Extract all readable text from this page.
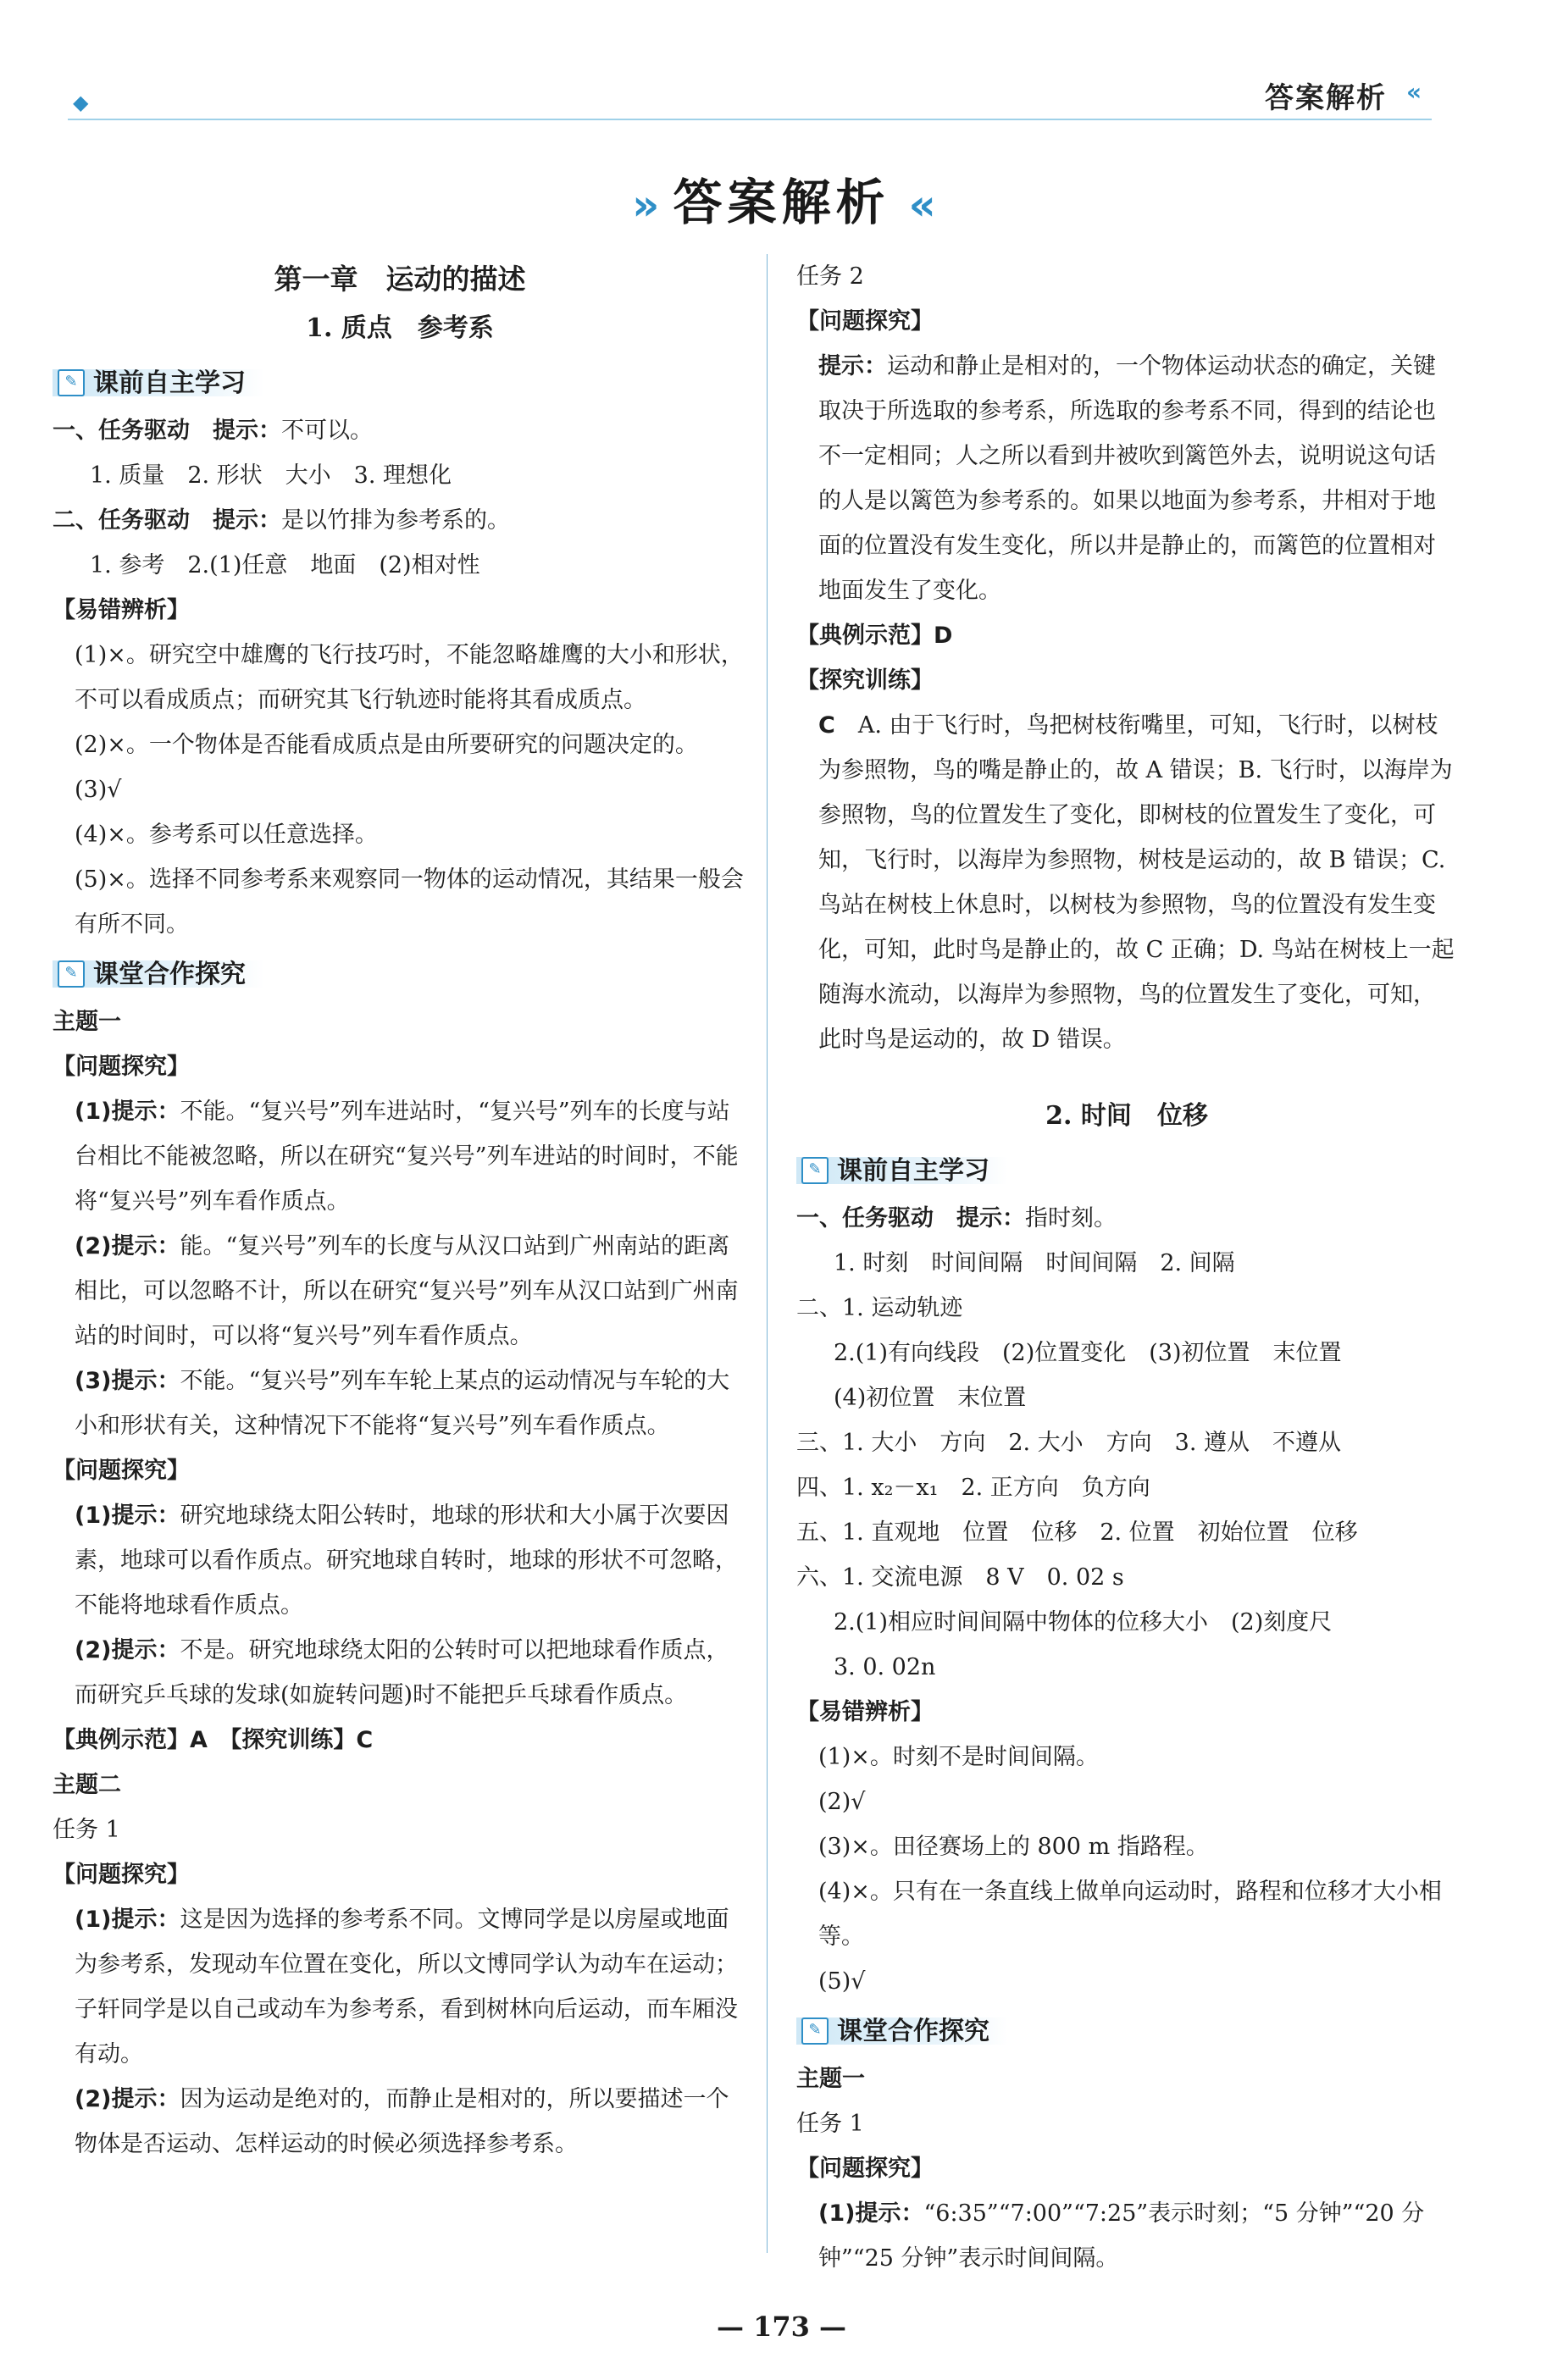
◆	答案解析 «
» 答案解析 «
第一章　运动的描述
1. 质点　参考系
✎ 课前自主学习

一、任务驱动　提示：不可以。

1. 质量　2. 形状　大小　3. 理想化

二、任务驱动　提示：是以竹排为参考系的。

1. 参考　2.(1)任意　地面　(2)相对性

【易错辨析】

(1)×。研究空中雄鹰的飞行技巧时，不能忽略雄鹰的大小和形状，不可以看成质点；而研究其飞行轨迹时能将其看成质点。

(2)×。一个物体是否能看成质点是由所要研究的问题决定的。

(3)√

(4)×。参考系可以任意选择。

(5)×。选择不同参考系来观察同一物体的运动情况，其结果一般会有所不同。

✎ 课堂合作探究

主题一

【问题探究】

(1)提示：不能。“复兴号”列车进站时，“复兴号”列车的长度与站台相比不能被忽略，所以在研究“复兴号”列车进站的时间时，不能将“复兴号”列车看作质点。

(2)提示：能。“复兴号”列车的长度与从汉口站到广州南站的距离相比，可以忽略不计，所以在研究“复兴号”列车从汉口站到广州南站的时间时，可以将“复兴号”列车看作质点。

(3)提示：不能。“复兴号”列车车轮上某点的运动情况与车轮的大小和形状有关，这种情况下不能将“复兴号”列车看作质点。

【问题探究】

(1)提示：研究地球绕太阳公转时，地球的形状和大小属于次要因素，地球可以看作质点。研究地球自转时，地球的形状不可忽略，不能将地球看作质点。

(2)提示：不是。研究地球绕太阳的公转时可以把地球看作质点，而研究乒乓球的发球(如旋转问题)时不能把乒乓球看作质点。

【典例示范】A　【探究训练】C

主题二

任务 1

【问题探究】

(1)提示：这是因为选择的参考系不同。文博同学是以房屋或地面为参考系，发现动车位置在变化，所以文博同学认为动车在运动；子轩同学是以自己或动车为参考系，看到树林向后运动，而车厢没有动。

(2)提示：因为运动是绝对的，而静止是相对的，所以要描述一个物体是否运动、怎样运动的时候必须选择参考系。

任务 2

【问题探究】

提示：运动和静止是相对的，一个物体运动状态的确定，关键取决于所选取的参考系，所选取的参考系不同，得到的结论也不一定相同；人之所以看到井被吹到篱笆外去，说明说这句话的人是以篱笆为参考系的。如果以地面为参考系，井相对于地面的位置没有发生变化，所以井是静止的，而篱笆的位置相对地面发生了变化。

【典例示范】D

【探究训练】

C　A. 由于飞行时，鸟把树枝衔嘴里，可知，飞行时，以树枝为参照物，鸟的嘴是静止的，故 A 错误；B. 飞行时，以海岸为参照物，鸟的位置发生了变化，即树枝的位置发生了变化，可知，飞行时，以海岸为参照物，树枝是运动的，故 B 错误；C. 鸟站在树枝上休息时，以树枝为参照物，鸟的位置没有发生变化，可知，此时鸟是静止的，故 C 正确；D. 鸟站在树枝上一起随海水流动，以海岸为参照物，鸟的位置发生了变化，可知，此时鸟是运动的，故 D 错误。

2. 时间　位移
✎ 课前自主学习

一、任务驱动　提示：指时刻。

1. 时刻　时间间隔　时间间隔　2. 间隔

二、1. 运动轨迹

2.(1)有向线段　(2)位置变化　(3)初位置　末位置

(4)初位置　末位置

三、1. 大小　方向　2. 大小　方向　3. 遵从　不遵从

四、1. x₂－x₁　2. 正方向　负方向

五、1. 直观地　位置　位移　2. 位置　初始位置　位移

六、1. 交流电源　8 V　0. 02 s

2.(1)相应时间间隔中物体的位移大小　(2)刻度尺

3. 0. 02n

【易错辨析】

(1)×。时刻不是时间间隔。

(2)√

(3)×。田径赛场上的 800 m 指路程。

(4)×。只有在一条直线上做单向运动时，路程和位移才大小相等。

(5)√

✎ 课堂合作探究

主题一

任务 1

【问题探究】

(1)提示：“6:35”“7:00”“7:25”表示时刻；“5 分钟”“20 分钟”“25 分钟”表示时间间隔。

— 173 —
